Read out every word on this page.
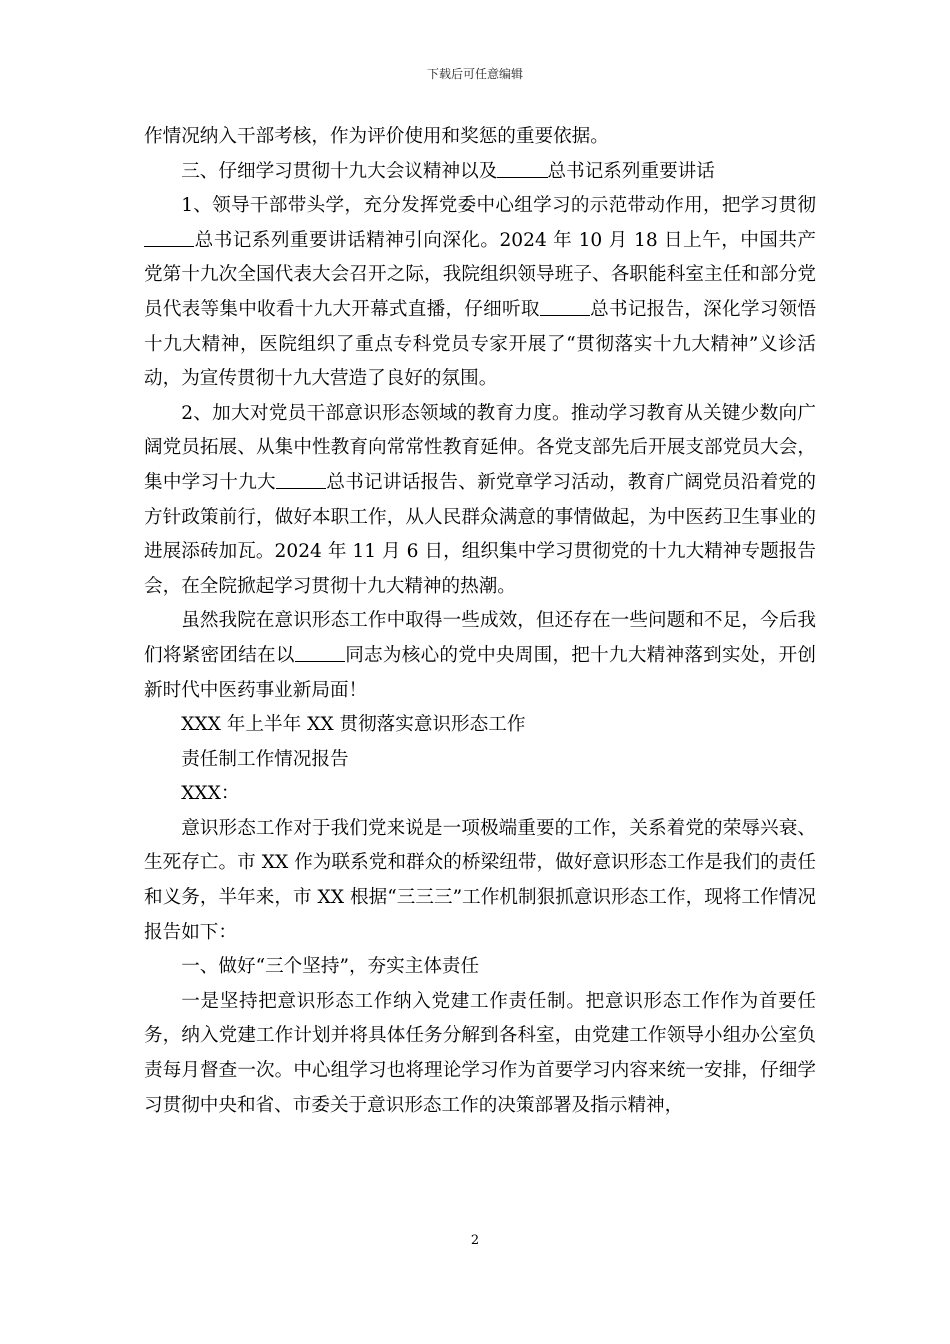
下载后可任意编辑

作情况纳入干部考核，作为评价使用和奖惩的重要依据。

三、仔细学习贯彻十九大会议精神以及	总书记系列重要讲话

1、领导干部带头学，充分发挥党委中心组学习的示范带动作用，把学习贯彻总书记系列重要讲话精神引向深化。2024 年 10 月 18 日上午，中国共产党第十九次全国代表大会召开之际，我院组织领导班子、各职能科室主任和部分党员代表等集中收看十九大开幕式直播，仔细听取	总书记报告，深化学习领悟十九大精神，医院组织了重点专科党员专家开展了“贯彻落实十九大精神”义诊活动，为宣传贯彻十九大营造了良好的氛围。

2、加大对党员干部意识形态领域的教育力度。推动学习教育从关键少数向广阔党员拓展、从集中性教育向常常性教育延伸。各党支部先后开展支部党员大会，集中学习十九大	总书记讲话报告、新党章学习活动，教育广阔党员沿着党的方针政策前行，做好本职工作，从人民群众满意的事情做起，为中医药卫生事业的进展添砖加瓦。2024 年 11 月 6 日，组织集中学习贯彻党的十九大精神专题报告会，在全院掀起学习贯彻十九大精神的热潮。

虽然我院在意识形态工作中取得一些成效，但还存在一些问题和不足，今后我们将紧密团结在以	同志为核心的党中央周围，把十九大精神落到实处，开创新时代中医药事业新局面！

XXX 年上半年 XX 贯彻落实意识形态工作

责任制工作情况报告

XXX：

意识形态工作对于我们党来说是一项极端重要的工作，关系着党的荣辱兴衰、生死存亡。市 XX 作为联系党和群众的桥梁纽带，做好意识形态工作是我们的责任和义务，半年来，市 XX 根据“三三三”工作机制狠抓意识形态工作，现将工作情况报告如下：

一、做好“三个坚持”，夯实主体责任

一是坚持把意识形态工作纳入党建工作责任制。把意识形态工作作为首要任务，纳入党建工作计划并将具体任务分解到各科室，由党建工作领导小组办公室负责每月督查一次。中心组学习也将理论学习作为首要学习内容来统一安排，仔细学习贯彻中央和省、市委关于意识形态工作的决策部署及指示精神，

2
